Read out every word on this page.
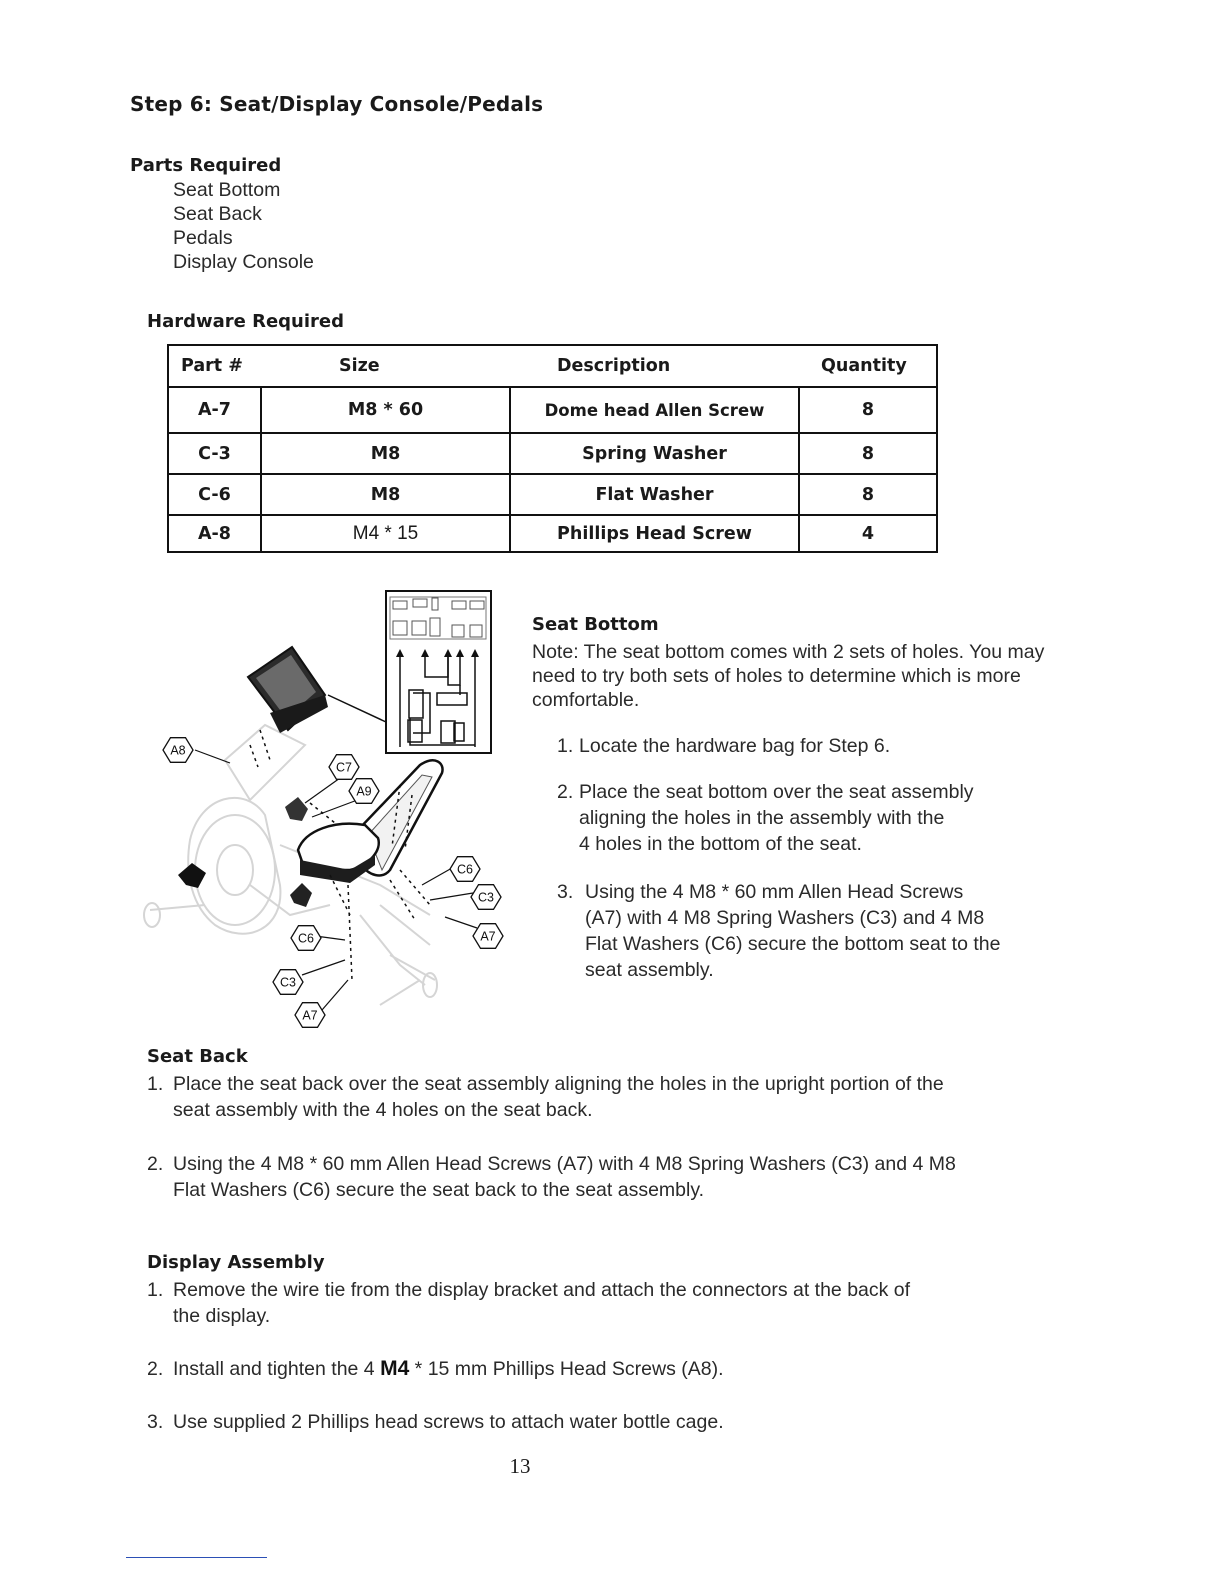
Step 6: Seat/Display Console/Pedals
Parts Required
Seat Bottom
Seat Back
Pedals
Display Console
Hardware Required
Part #	Size	Description	Quantity
A-7	M8 * 60	Dome head Allen Screw	8
C-3	M8	Spring Washer	8
C-6	M8	Flat Washer	8
A-8	M4 * 15	Phillips Head Screw	4
A8
C7
A9
C6
C3
A7
C6
C3
A7
Seat Bottom
Note: The seat bottom comes with 2 sets of holes. You may need to try both sets of holes to determine which is more comfortable.
1. Locate the hardware bag for Step 6.
2. Place the seat bottom over the seat assembly
aligning the holes in the assembly with the
4 holes in the bottom of the seat.
3. Using the 4 M8 * 60 mm Allen Head Screws
(A7) with 4 M8 Spring Washers (C3) and 4 M8
Flat Washers (C6) secure the bottom seat to the
seat assembly.
Seat Back
1. Place the seat back over the seat assembly aligning the holes in the upright portion of the
seat assembly with the 4 holes on the seat back.
2. Using the 4 M8 * 60 mm Allen Head Screws (A7) with 4 M8 Spring Washers (C3) and 4 M8
Flat Washers (C6) secure the seat back to the seat assembly.
Display Assembly
1. Remove the wire tie from the display bracket and attach the connectors at the back of
the display.
2. Install and tighten the 4 M4 * 15 mm Phillips Head Screws (A8).
3. Use supplied 2 Phillips head screws to attach water bottle cage.
13
